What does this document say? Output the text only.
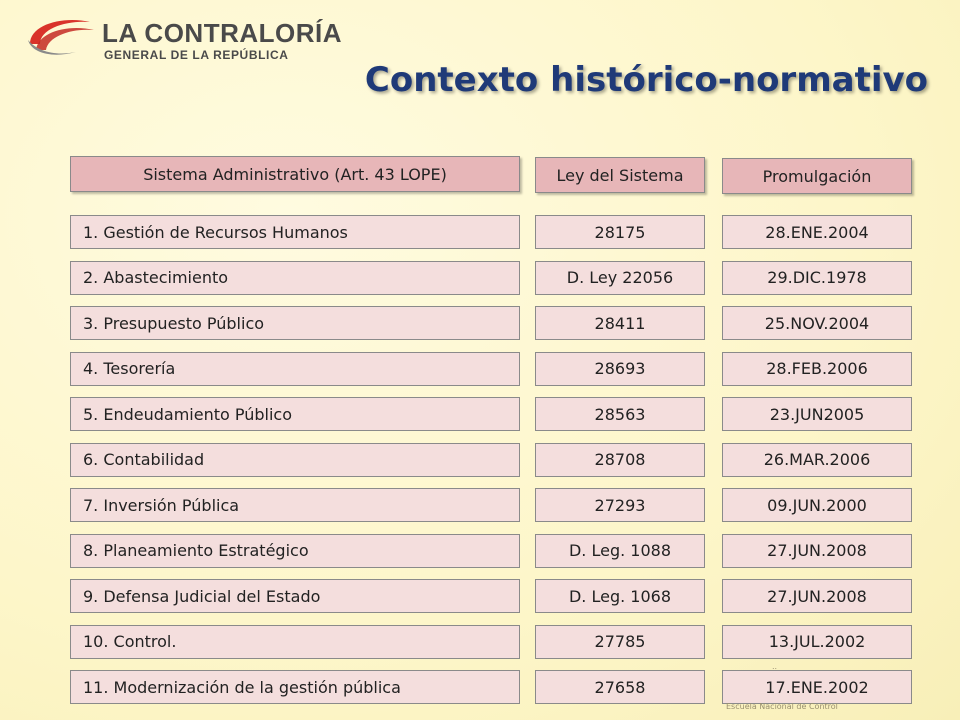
LA CONTRALORÍA
GENERAL DE LA REPÚBLICA
Contexto histórico-normativo
Sistema Administrativo (Art. 43 LOPE)	Ley del Sistema	Promulgación
1. Gestión de Recursos Humanos	28175	28.ENE.2004
2. Abastecimiento	D. Ley 22056	29.DIC.1978
3. Presupuesto Público	28411	25.NOV.2004
4. Tesorería	28693	28.FEB.2006
5. Endeudamiento Público	28563	23.JUN2005
6. Contabilidad	28708	26.MAR.2006
7. Inversión Pública	27293	09.JUN.2000
8. Planeamiento Estratégico	D. Leg. 1088	27.JUN.2008
9. Defensa Judicial del Estado	D. Leg. 1068	27.JUN.2008
10. Control.	27785	13.JUL.2002
11. Modernización de la gestión pública	27658	17.ENE.2002
..
Escuela Nacional de Control
